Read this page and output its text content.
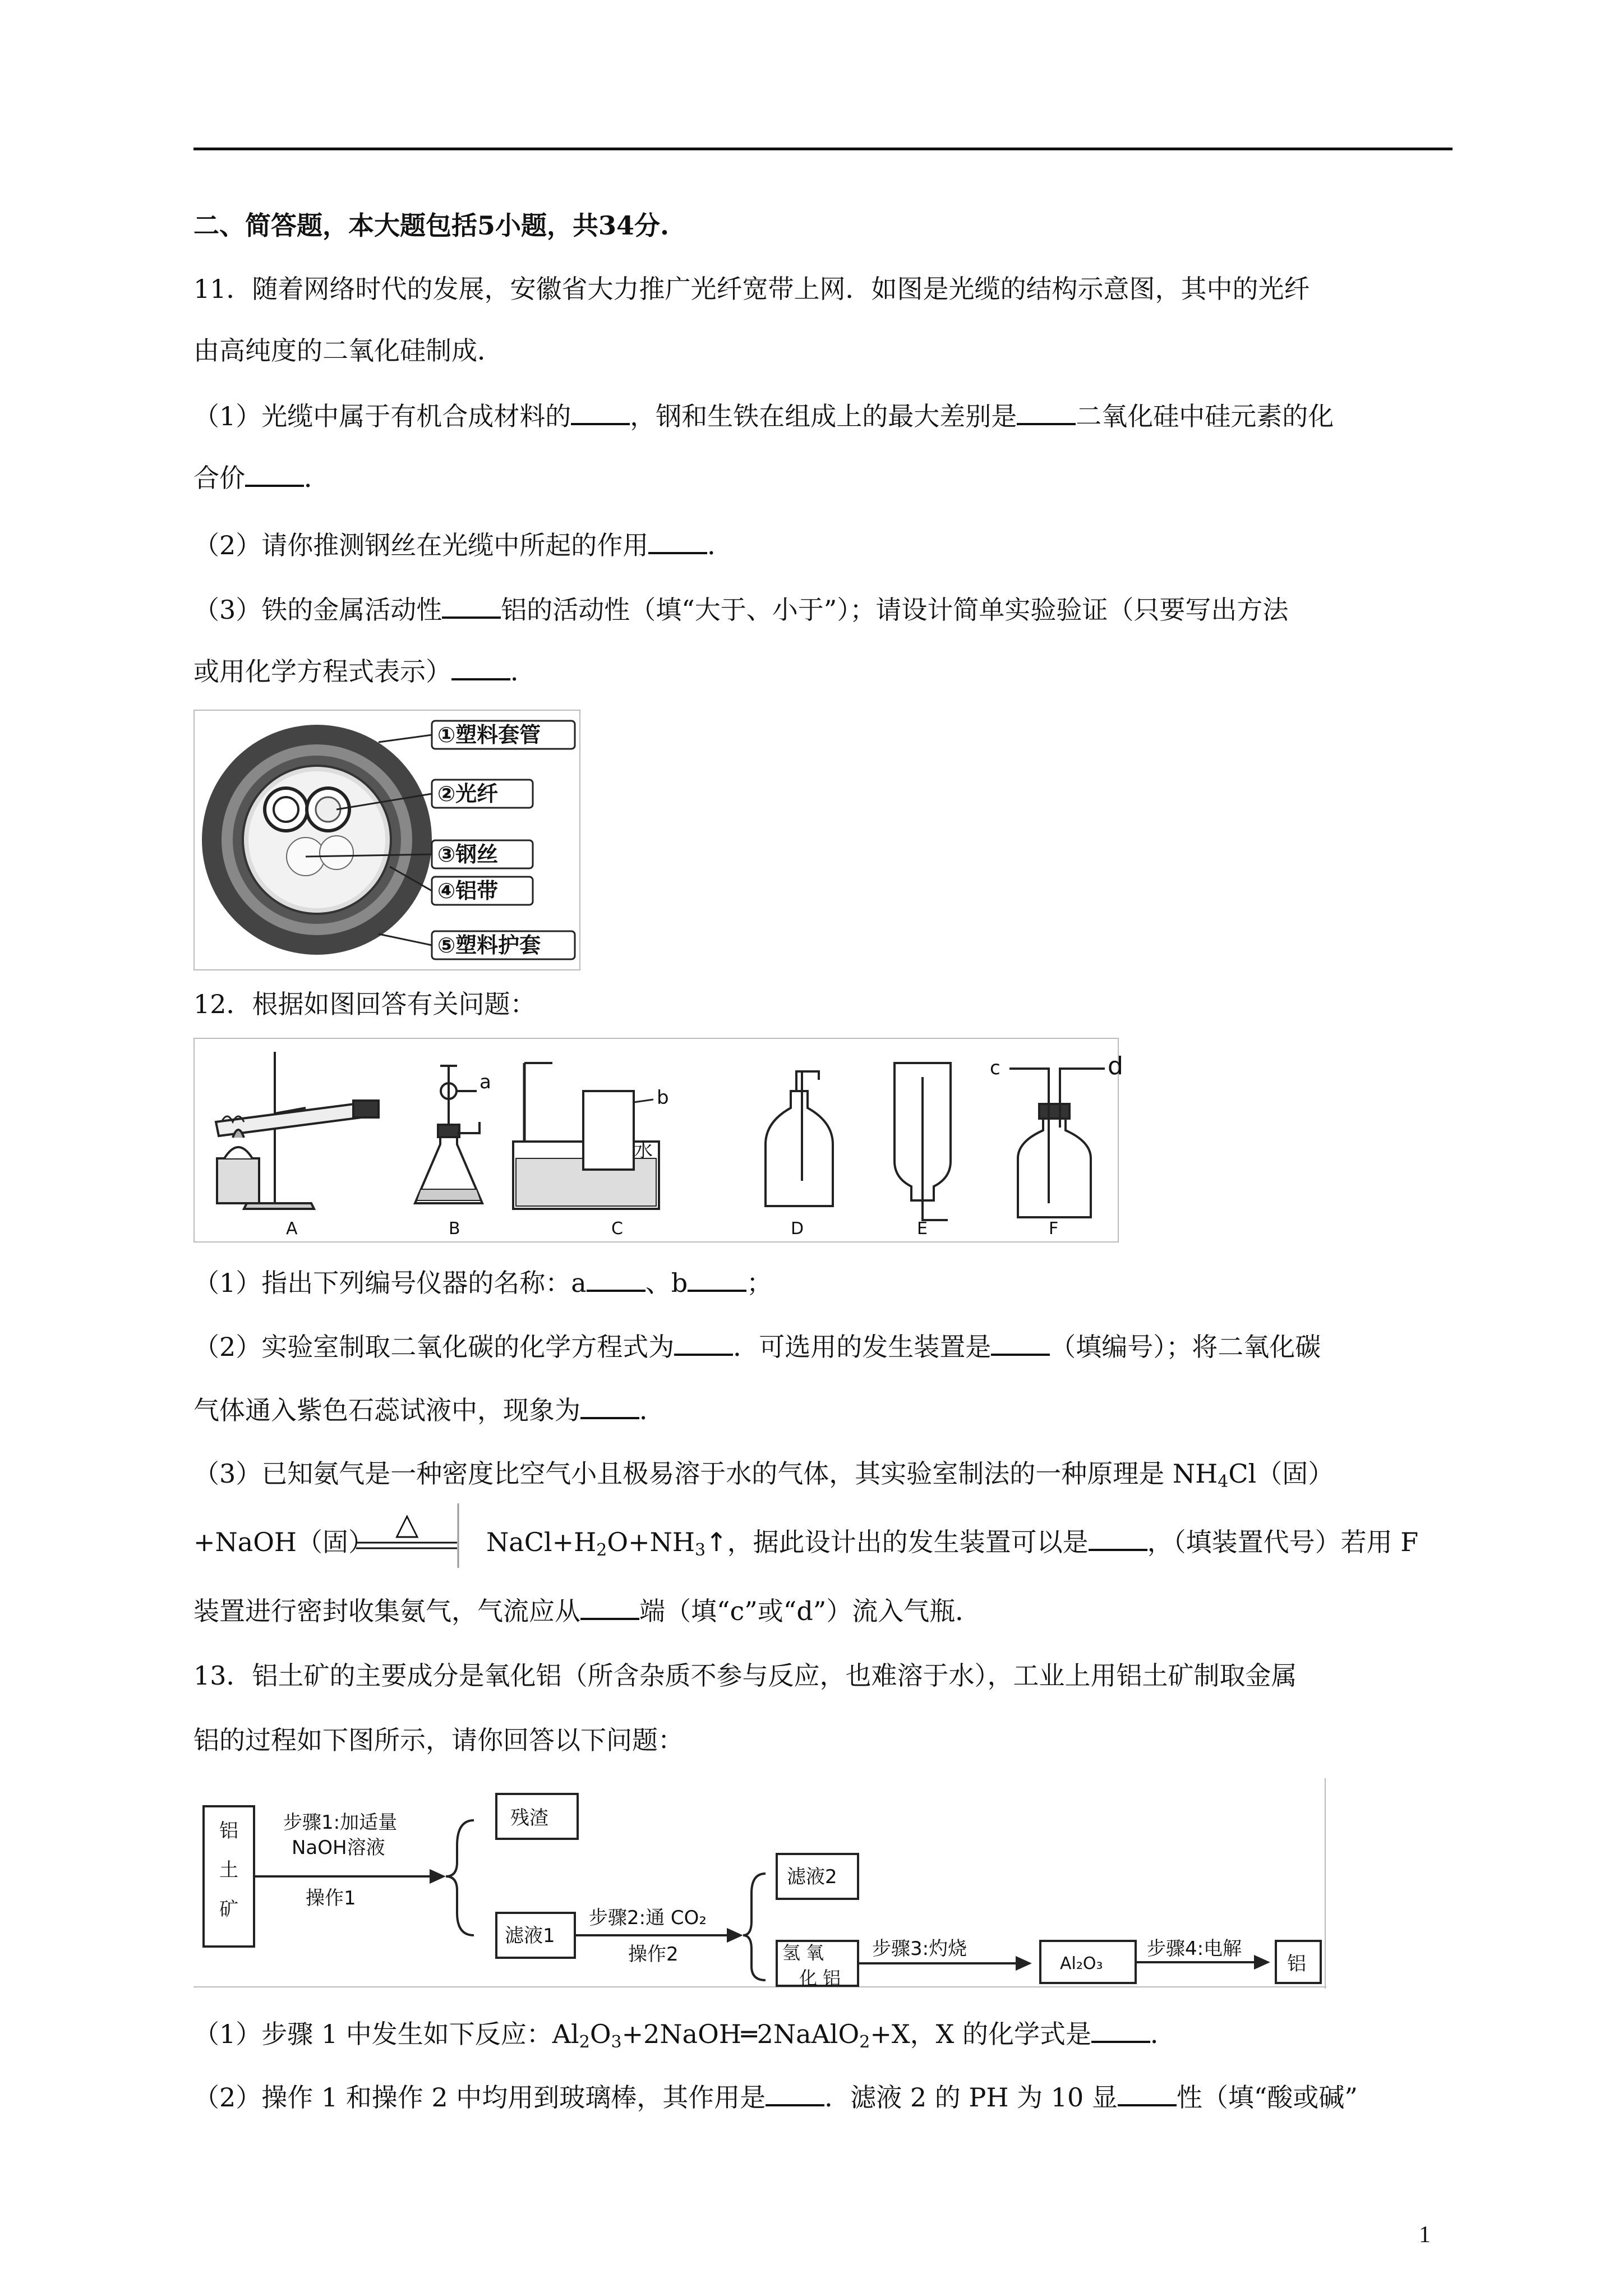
二、简答题，本大题包括5小题，共34分.
11．随着网络时代的发展，安徽省大力推广光纤宽带上网．如图是光缆的结构示意图，其中的光纤
由高纯度的二氧化硅制成．
（1）光缆中属于有机合成材料的 ，钢和生铁在组成上的最大差别是 二氧化硅中硅元素的化
合价 ．
（2）请你推测钢丝在光缆中所起的作用 ．
（3）铁的金属活动性 铝的活动性（填“大于、小于”）；请设计简单实验验证（只要写出方法
或用化学方程式表示） ．
①塑料套管
②光纤
③钢丝
④铝带
⑤塑料护套
12．根据如图回答有关问题：
a
b
水
c	d
A	B	C	D	E	F
（1）指出下列编号仪器的名称：a 、b ；
（2）实验室制取二氧化碳的化学方程式为 ．可选用的发生装置是 （填编号）；将二氧化碳
气体通入紫色石蕊试液中，现象为 ．
（3）已知氨气是一种密度比空气小且极易溶于水的气体，其实验室制法的一种原理是 $NH_4Cl$（固）
△
+NaOH（固）	$NaCl+H_2O+NH_3↑$，据此设计出的发生装置可以是 ，（填装置代号）若用 F
装置进行密封收集氨气，气流应从 端（填“c”或“d”）流入气瓶．
13．铝土矿的主要成分是氧化铝（所含杂质不参与反应，也难溶于水），工业上用铝土矿制取金属
铝的过程如下图所示，请你回答以下问题：
铝土矿
步骤1:加适量
NaOH溶液
操作1
残渣
滤液1
步骤2:通 CO₂
操作2
滤液2
氢 氧化 铝
步骤3:灼烧
Al₂O₃
步骤4:电解
铝
（1）步骤 1 中发生如下反应：$Al_2O_3+2NaOH═2NaAlO_2+X$，X 的化学式是 ．
（2）操作 1 和操作 2 中均用到玻璃棒，其作用是 ．滤液 2 的 PH 为 10 显 性（填“酸或碱”
1
